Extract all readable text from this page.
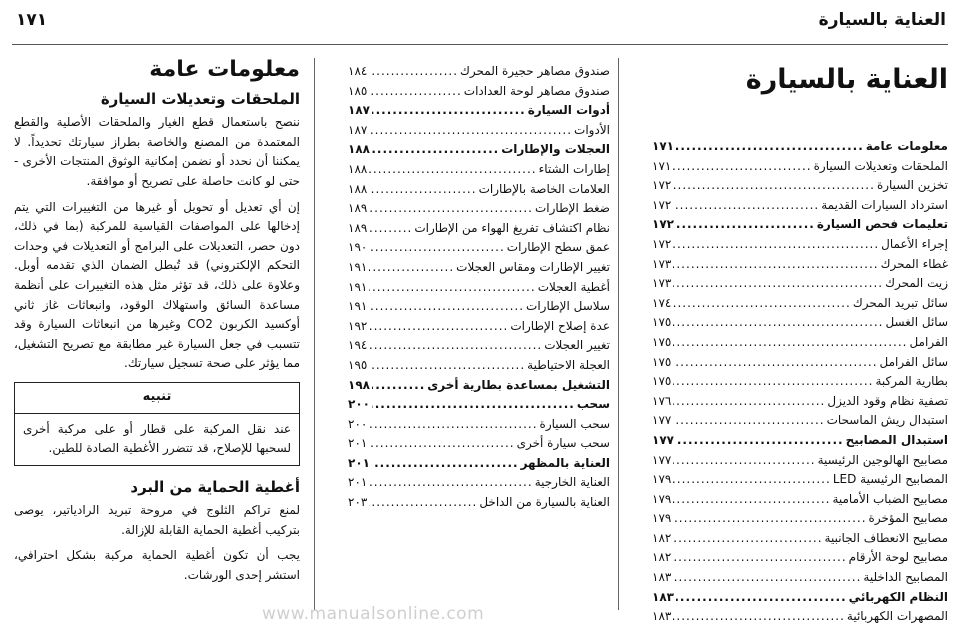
العناية بالسيارة
١٧١
العناية بالسيارة
معلومات عامة
.....
١٧١
الملحقات وتعديلات السيارة
.....
١٧١
تخزين السيارة
.....
١٧٢
استرداد السيارات القديمة
.....
١٧٢
تعليمات فحص السيارة
.....
١٧٢
إجراء الأعمال
.....
١٧٢
غطاء المحرك
.....
١٧٣
زيت المحرك
.....
١٧٣
سائل تبريد المحرك
.....
١٧٤
سائل الغسل
.....
١٧٥
الفرامل
.....
١٧٥
سائل الفرامل
.....
١٧٥
بطارية المركبة
.....
١٧٥
تصفية نظام وقود الديزل
.....
١٧٦
استبدال ريش الماسحات
.....
١٧٧
استبدال المصابيح
.....
١٧٧
مصابيح الهالوجين الرئيسية
.....
١٧٧
المصابيح الرئيسية LED
.....
١٧٩
مصابيح الضباب الأمامية
.....
١٧٩
مصابيح المؤخرة
.....
١٧٩
مصابيح الانعطاف الجانبية
.....
١٨٢
مصابيح لوحة الأرقام
.....
١٨٢
المصابيح الداخلية
.....
١٨٣
النظام الكهربائي
.....
١٨٣
المصهرات الكهربائية
.....
١٨٣
صندوق مصاهر حجيرة المحرك
.....
١٨٤
صندوق مصاهر لوحة العدادات
.....
١٨٥
أدوات السيارة
.....
١٨٧
الأدوات
.....
١٨٧
العجلات والإطارات
.....
١٨٨
إطارات الشتاء
.....
١٨٨
العلامات الخاصة بالإطارات
.....
١٨٨
ضغط الإطارات
.....
١٨٩
نظام اكتشاف تفريغ الهواء من الإطارات
.....
١٨٩
عمق سطح الإطارات
.....
١٩٠
تغيير الإطارات ومقاس العجلات
.....
١٩١
أغطية العجلات
.....
١٩١
سلاسل الإطارات
.....
١٩١
عدة إصلاح الإطارات
.....
١٩٢
تغيير العجلات
.....
١٩٤
العجلة الاحتياطية
.....
١٩٥
التشغيل بمساعدة بطارية أخرى
.....
١٩٨
سحب
.....
٢٠٠
سحب السيارة
.....
٢٠٠
سحب سيارة أخرى
.....
٢٠١
العناية بالمظهر
.....
٢٠١
العناية الخارجية
.....
٢٠١
العناية بالسيارة من الداخل
.....
٢٠٣
معلومات عامة
الملحقات وتعديلات السيارة

ننصح باستعمال قطع الغيار والملحقات الأصلية والقطع المعتمدة من المصنع والخاصة بطراز سيارتك تحديداً. لا يمكننا أن نحدد أو نضمن إمكانية الوثوق المنتجات الأخرى - حتى لو كانت حاصلة على تصريح أو موافقة.

إن أي تعديل أو تحويل أو غيرها من التغييرات التي يتم إدخالها على المواصفات القياسية للمركبة (بما في ذلك، دون حصر، التعديلات على البرامج أو التعديلات في وحدات التحكم الإلكتروني) قد تُبطل الضمان الذي تقدمه أوبل. وعلاوة على ذلك، قد تؤثر مثل هذه التغييرات على أنظمة مساعدة السائق واستهلاك الوقود، وانبعاثات غاز ثاني أوكسيد الكربون CO2 وغيرها من انبعاثات السيارة وقد تتسبب في جعل السيارة غير مطابقة مع تصريح التشغيل، مما يؤثر على صحة تسجيل سيارتك.

تنبيه
عند نقل المركبة على قطار أو على مركبة أخرى لسحبها للإصلاح، قد تتضرر الأغطية الصادة للطين.
أغطية الحماية من البرد

لمنع تراكم الثلوج في مروحة تبريد الرادياتير، يوصى بتركيب أغطية الحماية القابلة للإزالة.

يجب أن تكون أغطية الحماية مركبة بشكل احترافي، استشر إحدى الورشات.

www.manualsonline.com
